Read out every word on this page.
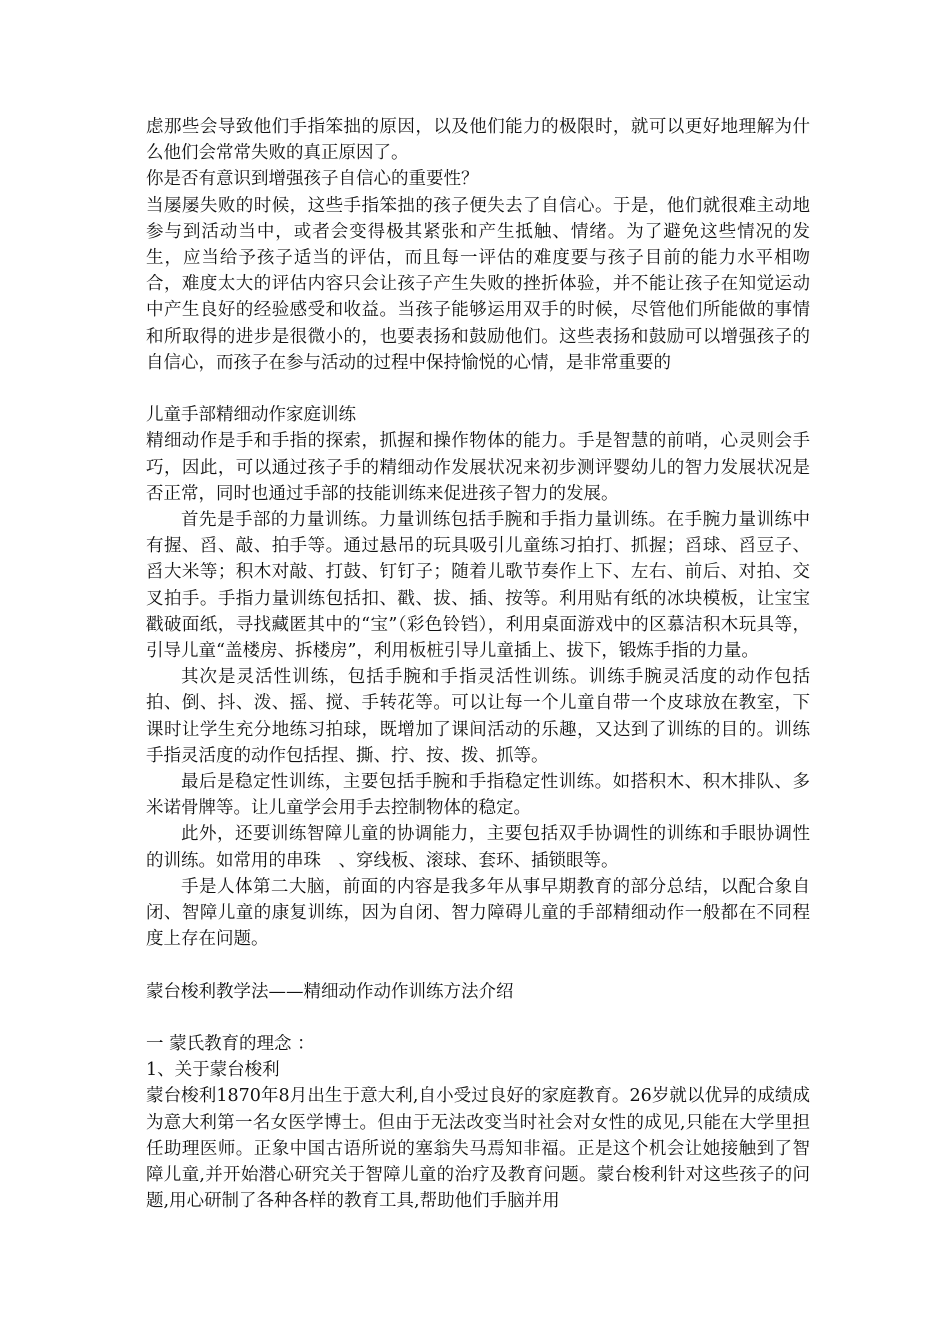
虑那些会导致他们手指笨拙的原因，以及他们能力的极限时，就可以更好地理解为什么他们会常常失败的真正原因了。

你是否有意识到增强孩子自信心的重要性？

当屡屡失败的时候，这些手指笨拙的孩子便失去了自信心。于是，他们就很难主动地参与到活动当中，或者会变得极其紧张和产生抵触、情绪。为了避免这些情况的发生，应当给予孩子适当的评估，而且每一评估的难度要与孩子目前的能力水平相吻合，难度太大的评估内容只会让孩子产生失败的挫折体验，并不能让孩子在知觉运动中产生良好的经验感受和收益。当孩子能够运用双手的时候，尽管他们所能做的事情和所取得的进步是很微小的，也要表扬和鼓励他们。这些表扬和鼓励可以增强孩子的自信心，而孩子在参与活动的过程中保持愉悦的心情，是非常重要的

儿童手部精细动作家庭训练

精细动作是手和手指的探索，抓握和操作物体的能力。手是智慧的前哨，心灵则会手巧，因此，可以通过孩子手的精细动作发展状况来初步测评婴幼儿的智力发展状况是否正常，同时也通过手部的技能训练来促进孩子智力的发展。

首先是手部的力量训练。力量训练包括手腕和手指力量训练。在手腕力量训练中有握、舀、敲、拍手等。通过悬吊的玩具吸引儿童练习拍打、抓握；舀球、舀豆子、舀大米等；积木对敲、打鼓、钉钉子；随着儿歌节奏作上下、左右、前后、对拍、交叉拍手。手指力量训练包括扣、戳、拔、插、按等。利用贴有纸的冰块模板，让宝宝戳破面纸，寻找藏匿其中的“宝”（彩色铃铛），利用桌面游戏中的区慕洁积木玩具等，引导儿童“盖楼房、拆楼房”，利用板桩引导儿童插上、拔下，锻炼手指的力量。

其次是灵活性训练，包括手腕和手指灵活性训练。训练手腕灵活度的动作包括拍、倒、抖、泼、摇、搅、手转花等。可以让每一个儿童自带一个皮球放在教室，下课时让学生充分地练习拍球，既增加了课间活动的乐趣，又达到了训练的目的。训练手指灵活度的动作包括捏、撕、拧、按、拨、抓等。

最后是稳定性训练，主要包括手腕和手指稳定性训练。如搭积木、积木排队、多米诺骨牌等。让儿童学会用手去控制物体的稳定。

此外，还要训练智障儿童的协调能力，主要包括双手协调性的训练和手眼协调性的训练。如常用的串珠　、穿线板、滚球、套环、插锁眼等。

手是人体第二大脑，前面的内容是我多年从事早期教育的部分总结，以配合象自闭、智障儿童的康复训练，因为自闭、智力障碍儿童的手部精细动作一般都在不同程度上存在问题。

蒙台梭利教学法——精细动作动作训练方法介绍

一 蒙氏教育的理念 ：

1、关于蒙台梭利

蒙台梭利1870年8月出生于意大利,自小受过良好的家庭教育。26岁就以优异的成绩成为意大利第一名女医学博士。但由于无法改变当时社会对女性的成见,只能在大学里担任助理医师。正象中国古语所说的塞翁失马焉知非福。正是这个机会让她接触到了智障儿童,并开始潜心研究关于智障儿童的治疗及教育问题。蒙台梭利针对这些孩子的问题,用心研制了各种各样的教育工具,帮助他们手脑并用
